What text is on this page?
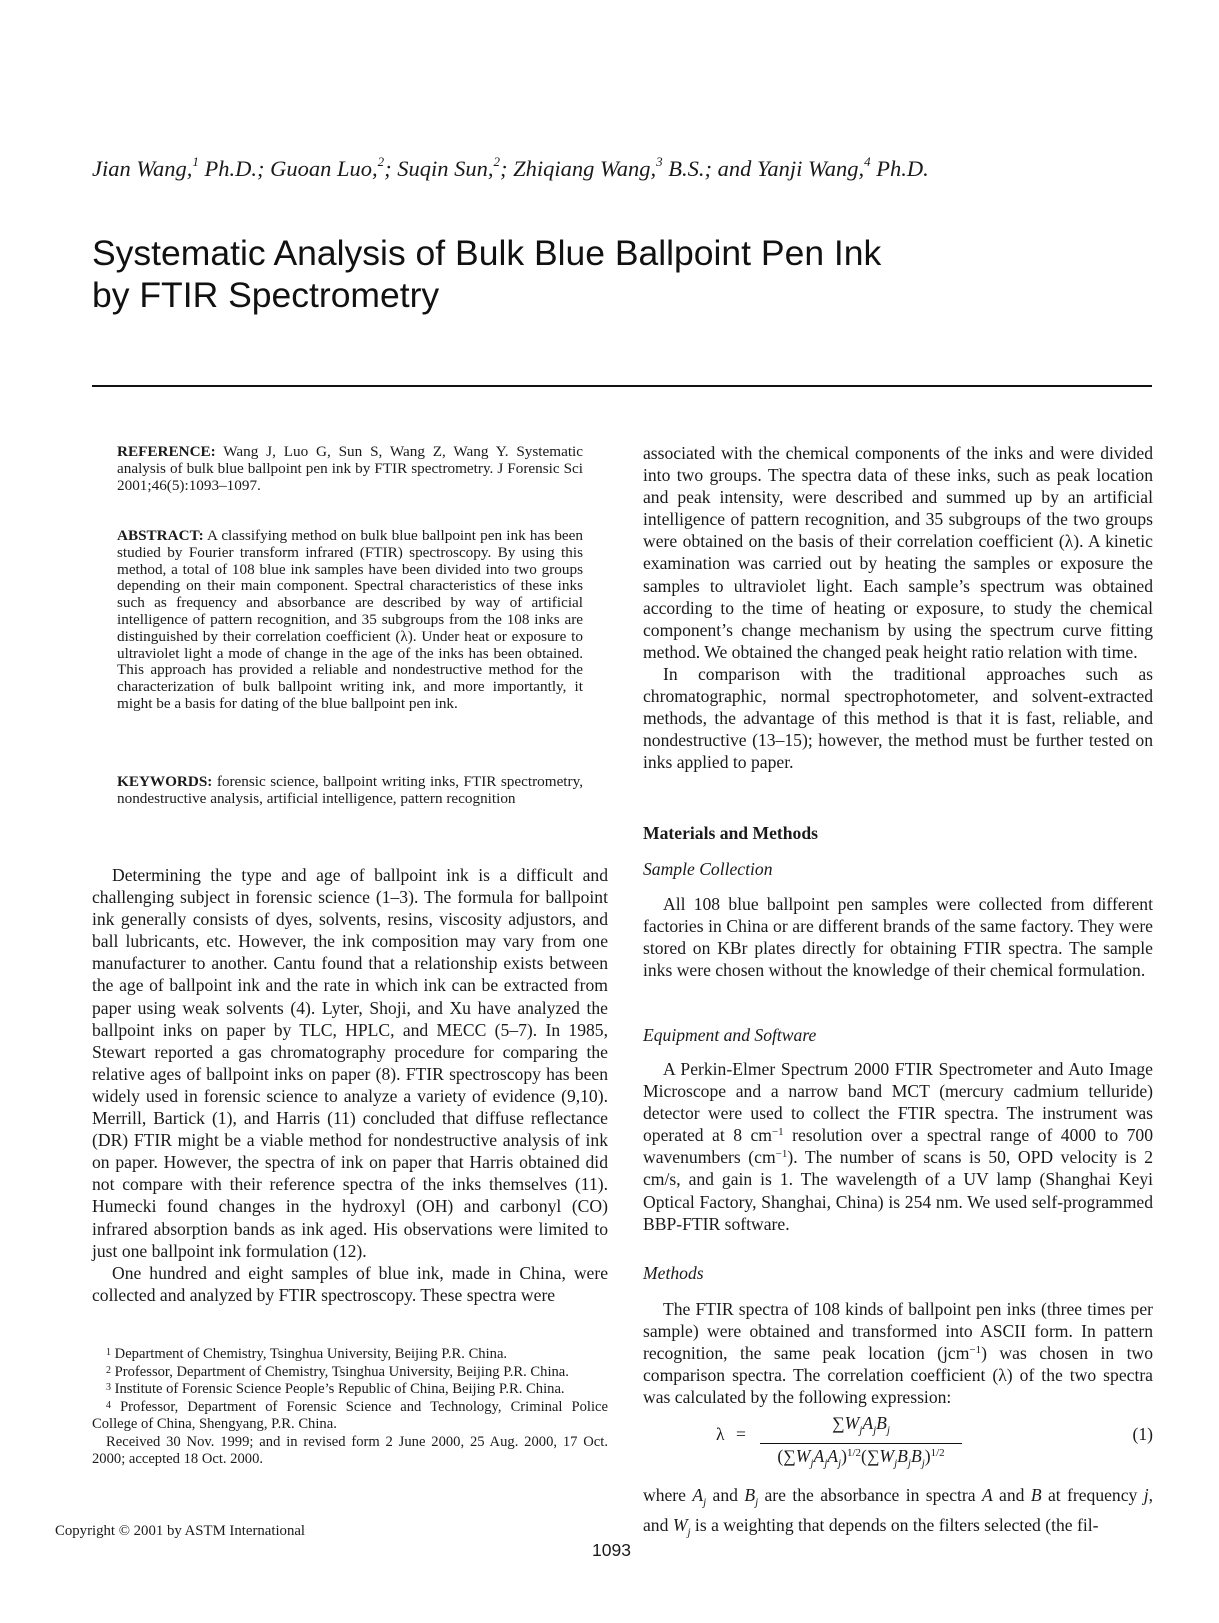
Jian Wang,$^1$ Ph.D.; Guoan Luo,$^2$; Suqin Sun,$^2$; Zhiqiang Wang,$^3$ B.S.; and Yanji Wang,$^4$ Ph.D.
Systematic Analysis of Bulk Blue Ballpoint Pen Ink
by FTIR Spectrometry
REFERENCE: Wang J, Luo G, Sun S, Wang Z, Wang Y. Systematic analysis of bulk blue ballpoint pen ink by FTIR spectrometry. J Forensic Sci 2001;46(5):1093–1097.
ABSTRACT: A classifying method on bulk blue ballpoint pen ink has been studied by Fourier transform infrared (FTIR) spectroscopy. By using this method, a total of 108 blue ink samples have been divided into two groups depending on their main component. Spectral characteristics of these inks such as frequency and absorbance are described by way of artificial intelligence of pattern recognition, and 35 subgroups from the 108 inks are distinguished by their correlation coefficient (λ). Under heat or exposure to ultraviolet light a mode of change in the age of the inks has been obtained. This approach has provided a reliable and nondestructive method for the characterization of bulk ballpoint writing ink, and more importantly, it might be a basis for dating of the blue ballpoint pen ink.
KEYWORDS: forensic science, ballpoint writing inks, FTIR spectrometry, nondestructive analysis, artificial intelligence, pattern recognition

Determining the type and age of ballpoint ink is a difficult and challenging subject in forensic science (1–3). The formula for ballpoint ink generally consists of dyes, solvents, resins, viscosity adjustors, and ball lubricants, etc. However, the ink composition may vary from one manufacturer to another. Cantu found that a relationship exists between the age of ballpoint ink and the rate in which ink can be extracted from paper using weak solvents (4). Lyter, Shoji, and Xu have analyzed the ballpoint inks on paper by TLC, HPLC, and MECC (5–7). In 1985, Stewart reported a gas chromatography procedure for comparing the relative ages of ballpoint inks on paper (8). FTIR spectroscopy has been widely used in forensic science to analyze a variety of evidence (9,10). Merrill, Bartick (1), and Harris (11) concluded that diffuse reflectance (DR) FTIR might be a viable method for nondestructive analysis of ink on paper. However, the spectra of ink on paper that Harris obtained did not compare with their reference spectra of the inks themselves (11). Humecki found changes in the hydroxyl (OH) and carbonyl (CO) infrared absorption bands as ink aged. His observations were limited to just one ballpoint ink formulation (12).

One hundred and eight samples of blue ink, made in China, were collected and analyzed by FTIR spectroscopy. These spectra were

associated with the chemical components of the inks and were divided into two groups. The spectra data of these inks, such as peak location and peak intensity, were described and summed up by an artificial intelligence of pattern recognition, and 35 subgroups of the two groups were obtained on the basis of their correlation coefficient (λ). A kinetic examination was carried out by heating the samples or exposure the samples to ultraviolet light. Each sample’s spectrum was obtained according to the time of heating or exposure, to study the chemical component’s change mechanism by using the spectrum curve fitting method. We obtained the changed peak height ratio relation with time.

In comparison with the traditional approaches such as chromatographic, normal spectrophotometer, and solvent-extracted methods, the advantage of this method is that it is fast, reliable, and nondestructive (13–15); however, the method must be further tested on inks applied to paper.

Materials and Methods
Sample Collection

All 108 blue ballpoint pen samples were collected from different factories in China or are different brands of the same factory. They were stored on KBr plates directly for obtaining FTIR spectra. The sample inks were chosen without the knowledge of their chemical formulation.

Equipment and Software

A Perkin-Elmer Spectrum 2000 FTIR Spectrometer and Auto Image Microscope and a narrow band MCT (mercury cadmium telluride) detector were used to collect the FTIR spectra. The instrument was operated at 8 $cm^{-1}$ resolution over a spectral range of 4000 to 700 wavenumbers $(cm^{-1})$. The number of scans is 50, OPD velocity is 2 cm/s, and gain is 1. The wavelength of a UV lamp (Shanghai Keyi Optical Factory, Shanghai, China) is 254 nm. We used self-programmed BBP-FTIR software.

Methods

The FTIR spectra of 108 kinds of ballpoint pen inks (three times per sample) were obtained and transformed into ASCII form. In pattern recognition, the same peak location (jcm$^{-1}$) was chosen in two comparison spectra. The correlation coefficient (λ) of the two spectra was calculated by the following expression:

λ =
$\sum W_jA_jB_j$
$(\sum W_jA_jA_j)^{1/2}(\sum W_jB_jB_j)^{1/2}$
(1)

where $A_j$ and $B_j$ are the absorbance in spectra A and B at frequency j, and $W_j$ is a weighting that depends on the filters selected (the fil-

$^1$ Department of Chemistry, Tsinghua University, Beijing P.R. China.

$^2$ Professor, Department of Chemistry, Tsinghua University, Beijing P.R. China.

$^3$ Institute of Forensic Science People’s Republic of China, Beijing P.R. China.

$^4$ Professor, Department of Forensic Science and Technology, Criminal Police College of China, Shengyang, P.R. China.

Received 30 Nov. 1999; and in revised form 2 June 2000, 25 Aug. 2000, 17 Oct. 2000; accepted 18 Oct. 2000.

Copyright © 2001 by ASTM International
1093
